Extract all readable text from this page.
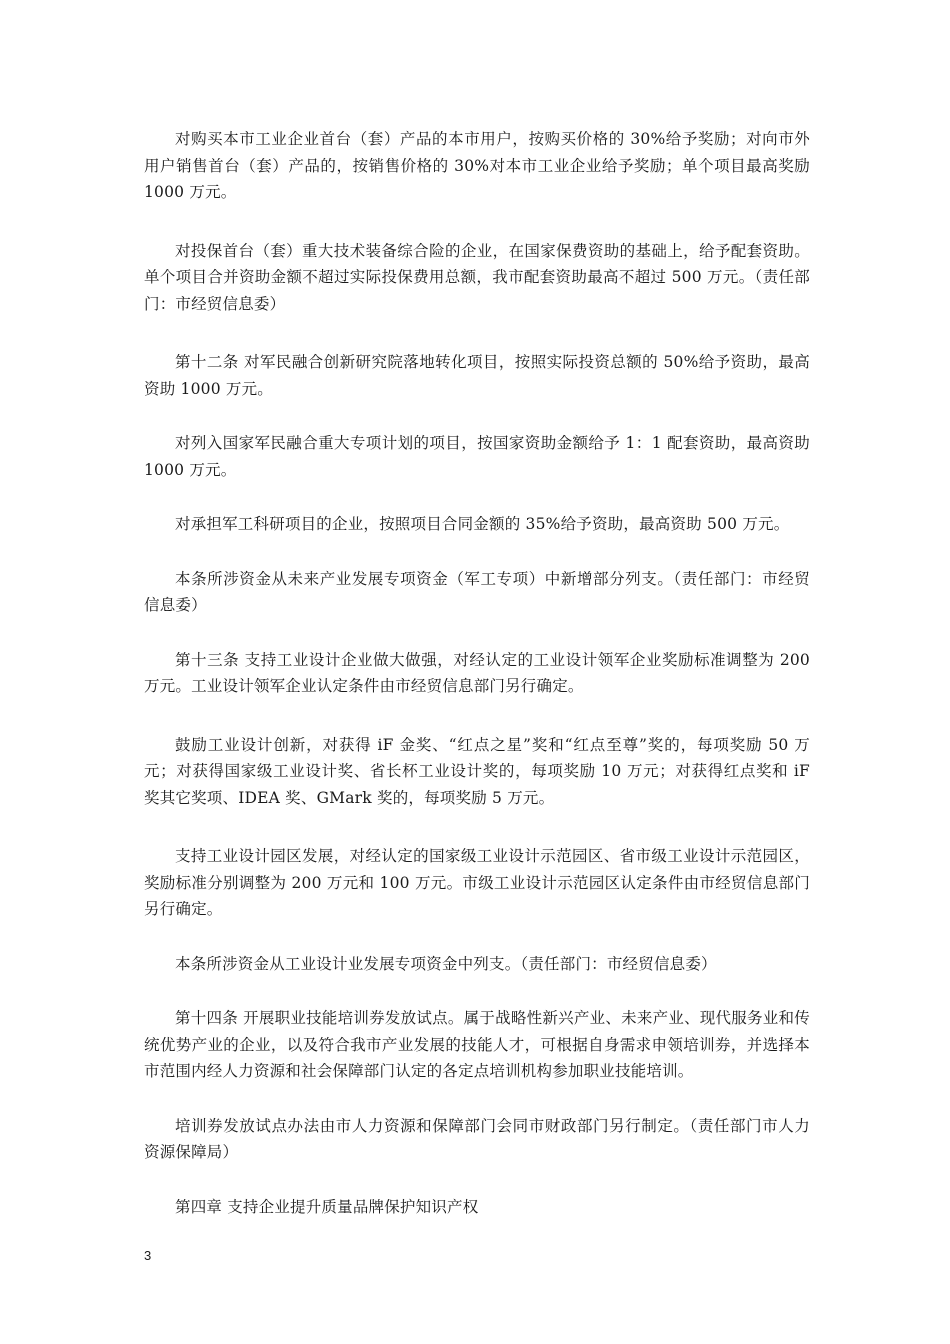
对购买本市工业企业首台（套）产品的本市用户，按购买价格的 30%给予奖励；对向市外用户销售首台（套）产品的，按销售价格的 30%对本市工业企业给予奖励；单个项目最高奖励 1000 万元。

对投保首台（套）重大技术装备综合险的企业，在国家保费资助的基础上，给予配套资助。单个项目合并资助金额不超过实际投保费用总额，我市配套资助最高不超过 500 万元。（责任部门：市经贸信息委）

第十二条 对军民融合创新研究院落地转化项目，按照实际投资总额的 50%给予资助，最高资助 1000 万元。

对列入国家军民融合重大专项计划的项目，按国家资助金额给予 1：1 配套资助，最高资助 1000 万元。

对承担军工科研项目的企业，按照项目合同金额的 35%给予资助，最高资助 500 万元。

本条所涉资金从未来产业发展专项资金（军工专项）中新增部分列支。（责任部门：市经贸信息委）

第十三条 支持工业设计企业做大做强，对经认定的工业设计领军企业奖励标准调整为 200 万元。工业设计领军企业认定条件由市经贸信息部门另行确定。

鼓励工业设计创新，对获得 iF 金奖、“红点之星”奖和“红点至尊”奖的，每项奖励 50 万元；对获得国家级工业设计奖、省长杯工业设计奖的，每项奖励 10 万元；对获得红点奖和 iF 奖其它奖项、IDEA 奖、GMark 奖的，每项奖励 5 万元。

支持工业设计园区发展，对经认定的国家级工业设计示范园区、省市级工业设计示范园区，奖励标准分别调整为 200 万元和 100 万元。市级工业设计示范园区认定条件由市经贸信息部门另行确定。

本条所涉资金从工业设计业发展专项资金中列支。（责任部门：市经贸信息委）

第十四条 开展职业技能培训券发放试点。属于战略性新兴产业、未来产业、现代服务业和传统优势产业的企业，以及符合我市产业发展的技能人才，可根据自身需求申领培训券，并选择本市范围内经人力资源和社会保障部门认定的各定点培训机构参加职业技能培训。

培训券发放试点办法由市人力资源和保障部门会同市财政部门另行制定。（责任部门市人力资源保障局）

第四章 支持企业提升质量品牌保护知识产权

3
